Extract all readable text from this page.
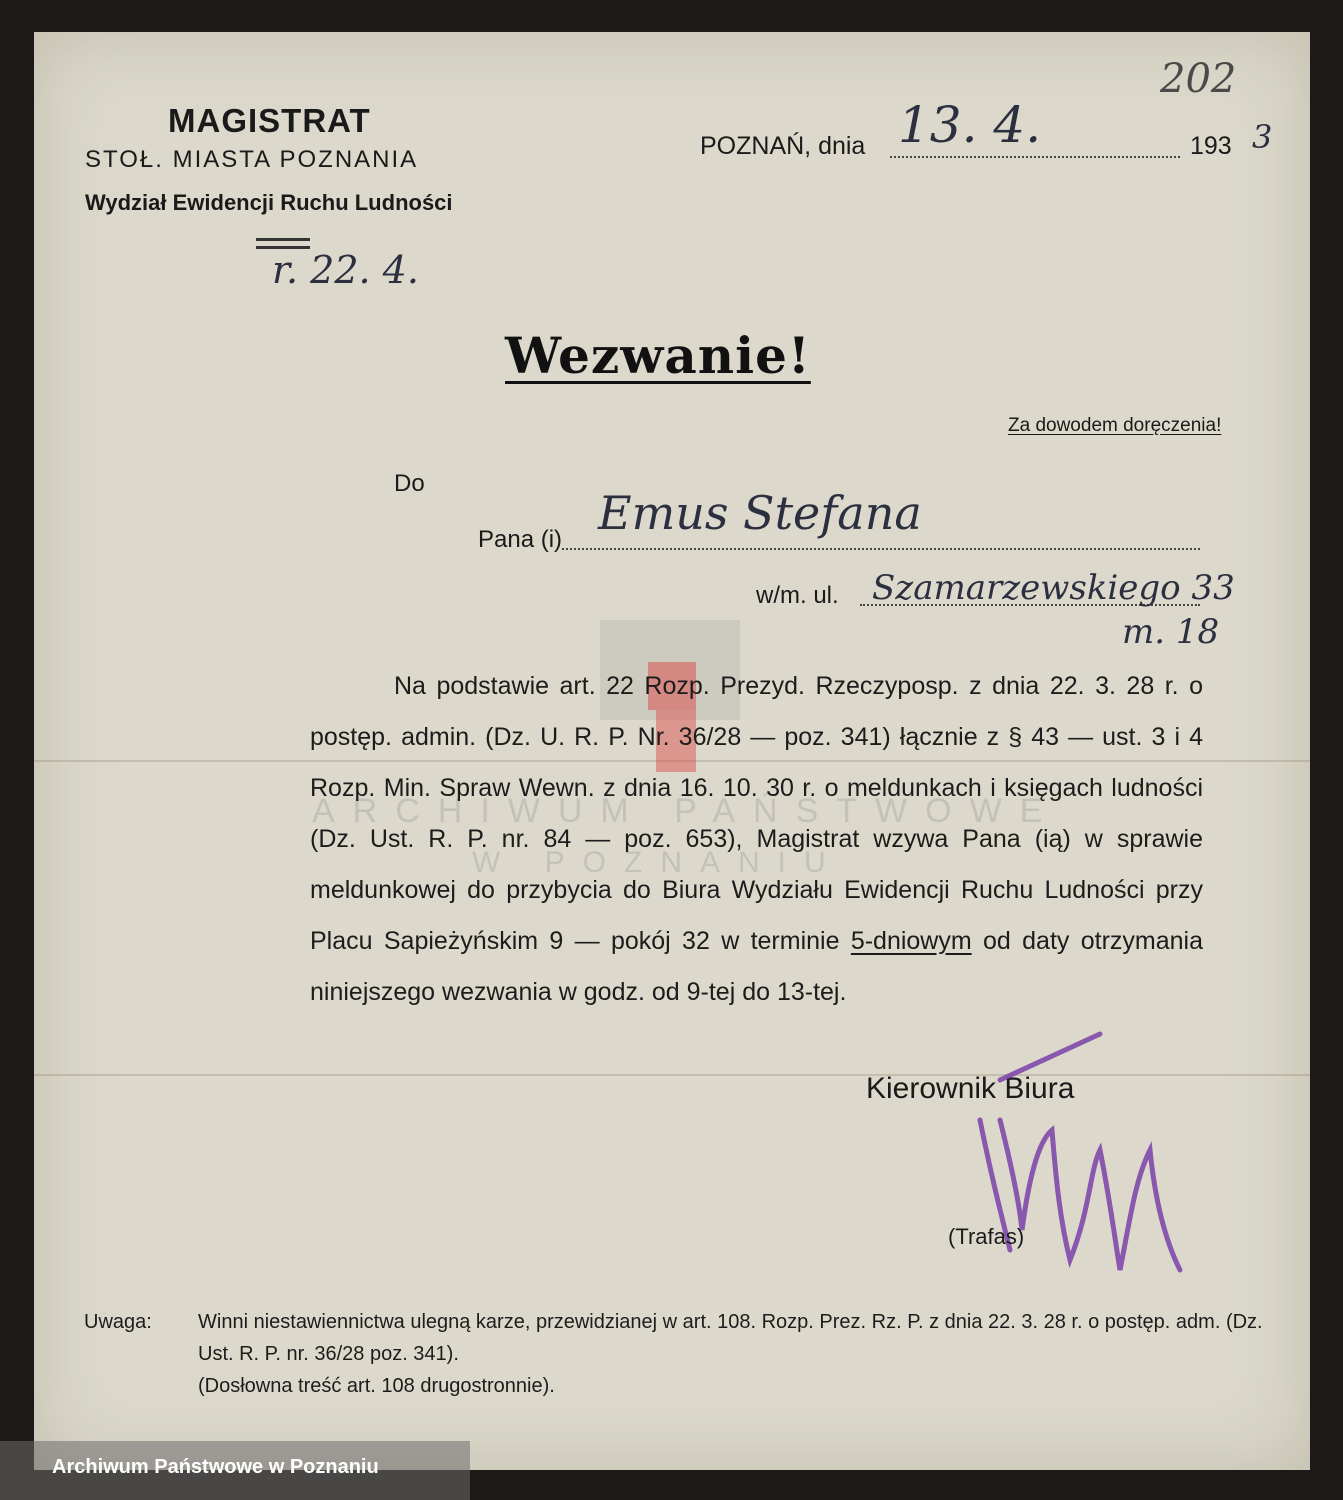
ARCHIWUM PAŃSTWOWE
W POZNANIU
202
MAGISTRAT
STOŁ. MIASTA POZNANIA
Wydział Ewidencji Ruchu Ludności
r. 22. 4.
POZNAŃ, dnia 13. 4.	193 3
Wezwanie!
Za dowodem doręczenia!
Do
Pana (i) Emus Stefana
w/m. ul. Szamarzewskiego 33
m. 18
Na podstawie art. 22 Rozp. Prezyd. Rzeczyposp. z dnia 22. 3. 28 r. o postęp. admin. (Dz. U. R. P. Nr. 36/28 — poz. 341) łącznie z § 43 — ust. 3 i 4 Rozp. Min. Spraw Wewn. z dnia 16. 10. 30 r. o meldunkach i księgach ludności (Dz. Ust. R. P. nr. 84 — poz. 653), Magistrat wzywa Pana (ią) w sprawie meldunkowej do przybycia do Biura Wydziału Ewidencji Ruchu Ludności przy Placu Sapieżyńskim 9 — pokój 32 w terminie 5-dniowym od daty otrzymania niniejszego wezwania w godz. od 9-tej do 13-tej.
Kierownik Biura
(Trafas)
Uwaga: Winni niestawiennictwa ulegną karze, przewidzianej w art. 108. Rozp. Prez. Rz. P. z dnia 22. 3. 28 r. o postęp. adm. (Dz. Ust. R. P. nr. 36/28 poz. 341).
(Dosłowna treść art. 108 drugostronnie).
Archiwum Państwowe w Poznaniu
